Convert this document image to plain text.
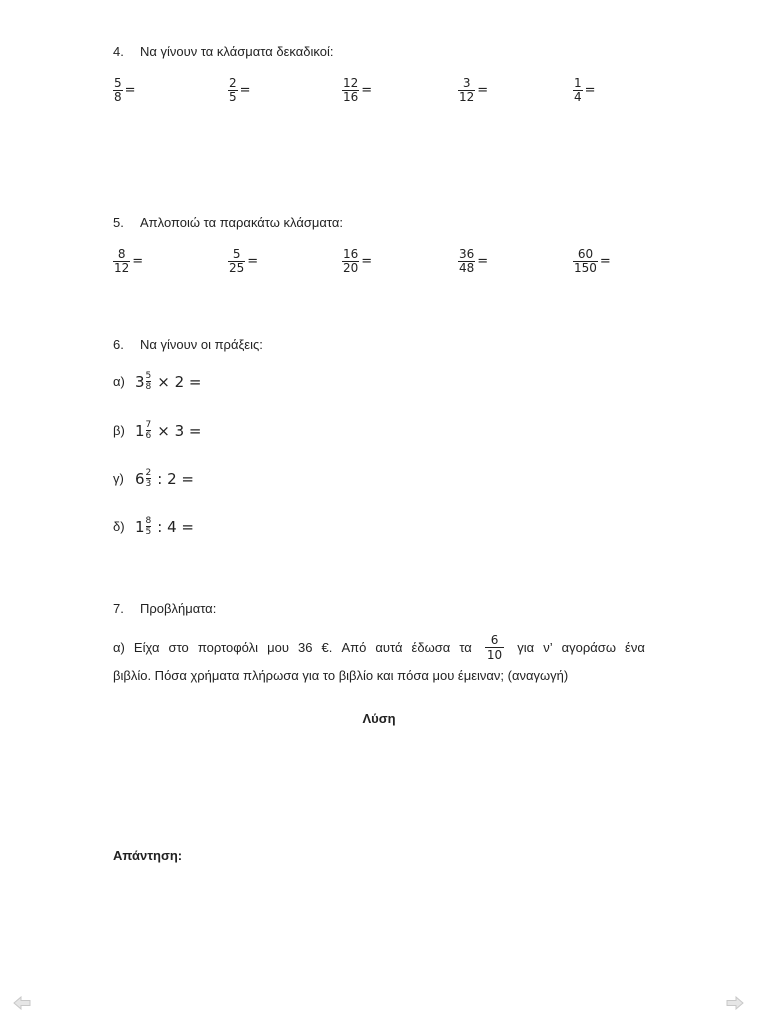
4. Να γίνουν τα κλάσματα δεκαδικοί:
$\frac{5}{8}$ =	$\frac{2}{5}$ =	$\frac{12}{16}$ =	$\frac{3}{12}$ =	$\frac{1}{4}$ =
5. Απλοποιώ τα παρακάτω κλάσματα:
$\frac{8}{12}$ =	$\frac{5}{25}$ =	$\frac{16}{20}$ =	$\frac{36}{48}$ =	$\frac{60}{150}$ =
6. Να γίνουν οι πράξεις:
α) $3 \frac{5}{8} \times 2$ =
β) $1 \frac{7}{6} \times 3$ =
γ) $6 \frac{2}{3}$ : 2 =
δ) $1 \frac{8}{5}$ : 4 =
7. Προβλήματα:
α) Είχα στο πορτοφόλι μου 36 €. Από αυτά έδωσα τα $\frac{6}{10}$ για ν’ αγοράσω ένα
βιβλίο. Πόσα χρήματα πλήρωσα για το βιβλίο και πόσα μου έμειναν; (αναγωγή)
Λύση
Απάντηση:
